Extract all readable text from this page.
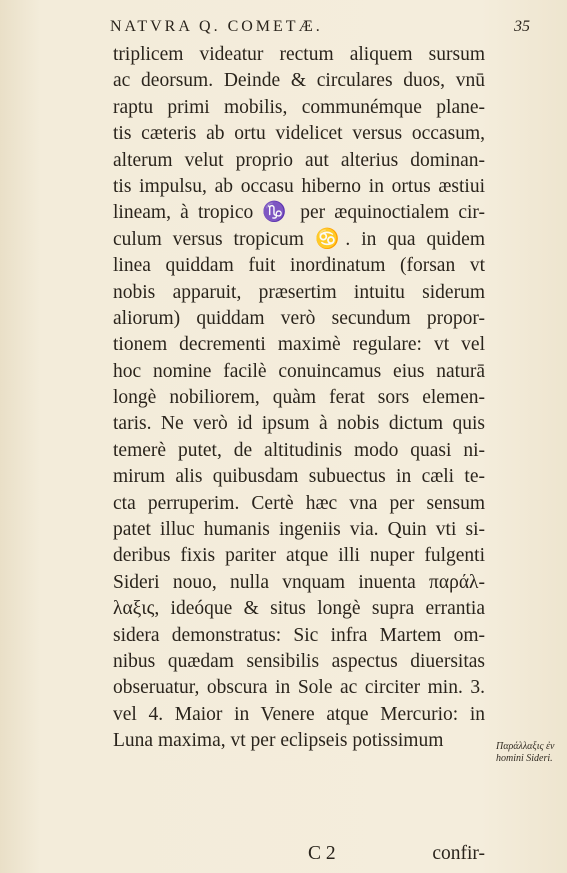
NATVRA Q. COMETÆ.	35
triplicem videatur rectum aliquem sursum
ac deorsum. Deinde & circulares duos, vnū
raptu primi mobilis, communémque plane-
tis cæteris ab ortu videlicet versus occasum,
alterum velut proprio aut alterius dominan-
tis impulsu, ab occasu hiberno in ortus æstiui
lineam, à tropico ♑ per æquinoctialem cir-
culum versus tropicum ♋. in qua quidem
linea quiddam fuit inordinatum (forsan vt
nobis apparuit, præsertim intuitu siderum
aliorum) quiddam verò secundum propor-
tionem decrementi maximè regulare: vt vel
hoc nomine facilè conuincamus eius naturā
longè nobiliorem, quàm ferat sors elemen-
taris. Ne verò id ipsum à nobis dictum quis
temerè putet, de altitudinis modo quasi ni-
mirum alis quibusdam subuectus in cæli te-
cta perruperim. Certè hæc vna per sensum
patet illuc humanis ingeniis via. Quin vti si-
deribus fixis pariter atque illi nuper fulgenti
Sideri nouo, nulla vnquam inuenta παράλ-
λαξις, ideóque & situs longè supra errantia
sidera demonstratus: Sic infra Martem om-
nibus quædam sensibilis aspectus diuersitas
obseruatur, obscura in Sole ac circiter min. 3.
vel 4. Maior in Venere atque Mercurio: in
Luna maxima, vt per eclipseis potissimum	Παράλλαξις ἐν
homini Sideri.
C 2	confir-
